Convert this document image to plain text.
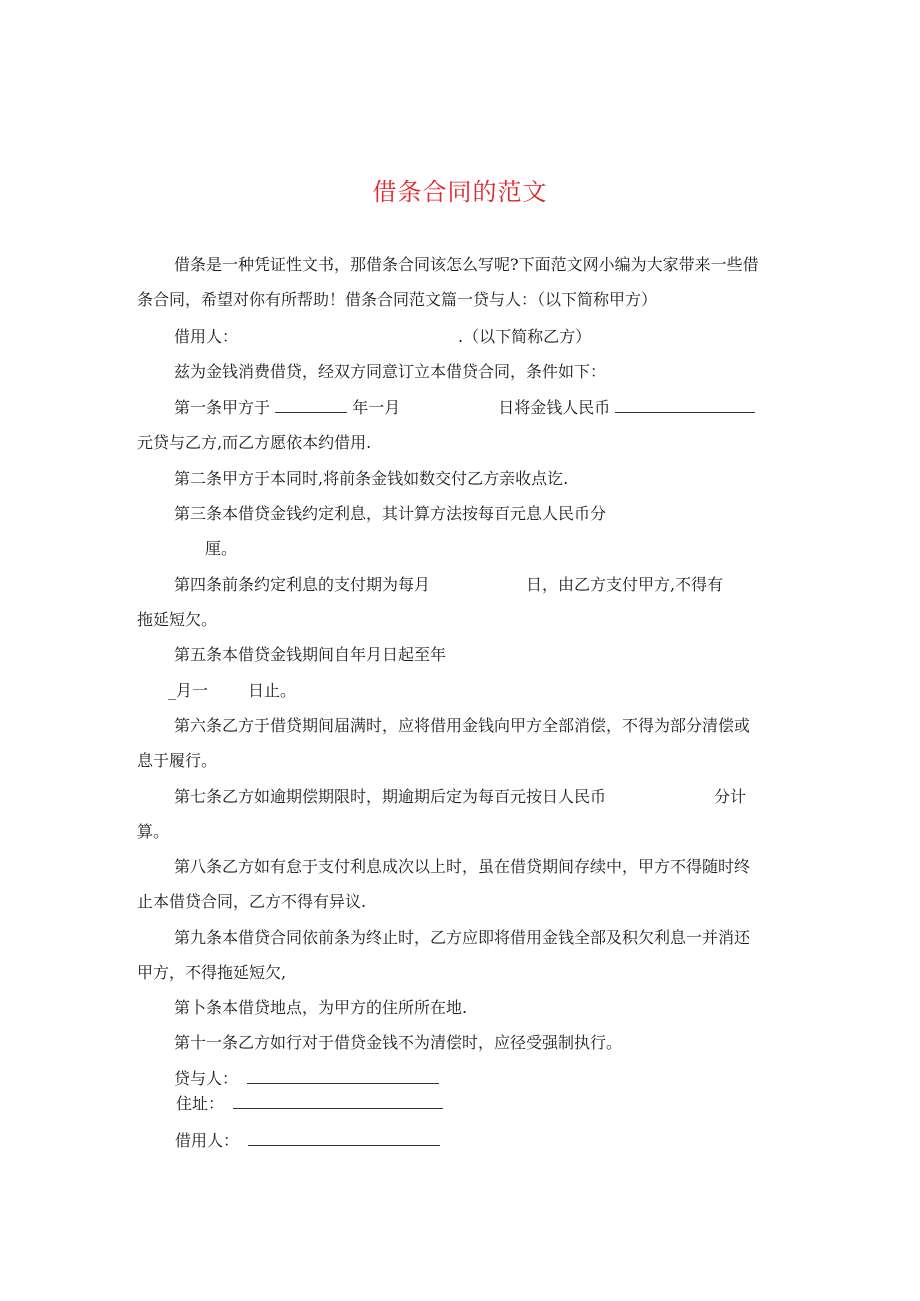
借条合同的范文
借条是一种凭证性文书，那借条合同该怎么写呢?下面范文网小编为大家带来一些借
条合同，希望对你有所帮助！借条合同范文篇一贷与人：（以下简称甲方）
借用人：	.（以下简称乙方）
兹为金钱消费借贷，经双方同意订立本借贷合同，条件如下：
第一条甲方于	年一月	日将金钱人民币
元贷与乙方,而乙方愿依本约借用.
第二条甲方于本同时,将前条金钱如数交付乙方亲收点讫.
第三条本借贷金钱约定利息，其计算方法按每百元息人民币分
厘。
第四条前条约定利息的支付期为每月	日，由乙方支付甲方,不得有
拖延短欠。
第五条本借贷金钱期间自年月日起至年
_月一	日止。
第六条乙方于借贷期间届满时，应将借用金钱向甲方全部消偿，不得为部分清偿或
息于履行。
第七条乙方如逾期偿期限时，期逾期后定为每百元按日人民币	分计
算。
第八条乙方如有怠于支付利息成次以上时，虽在借贷期间存续中，甲方不得随时终
止本借贷合同，乙方不得有异议.
第九条本借贷合同依前条为终止时，乙方应即将借用金钱全部及积欠利息一并消还
甲方，不得拖延短欠,
第卜条本借贷地点，为甲方的住所所在地.
第十一条乙方如行对于借贷金钱不为清偿时，应径受强制执行。
贷与人：
住址：
借用人：
